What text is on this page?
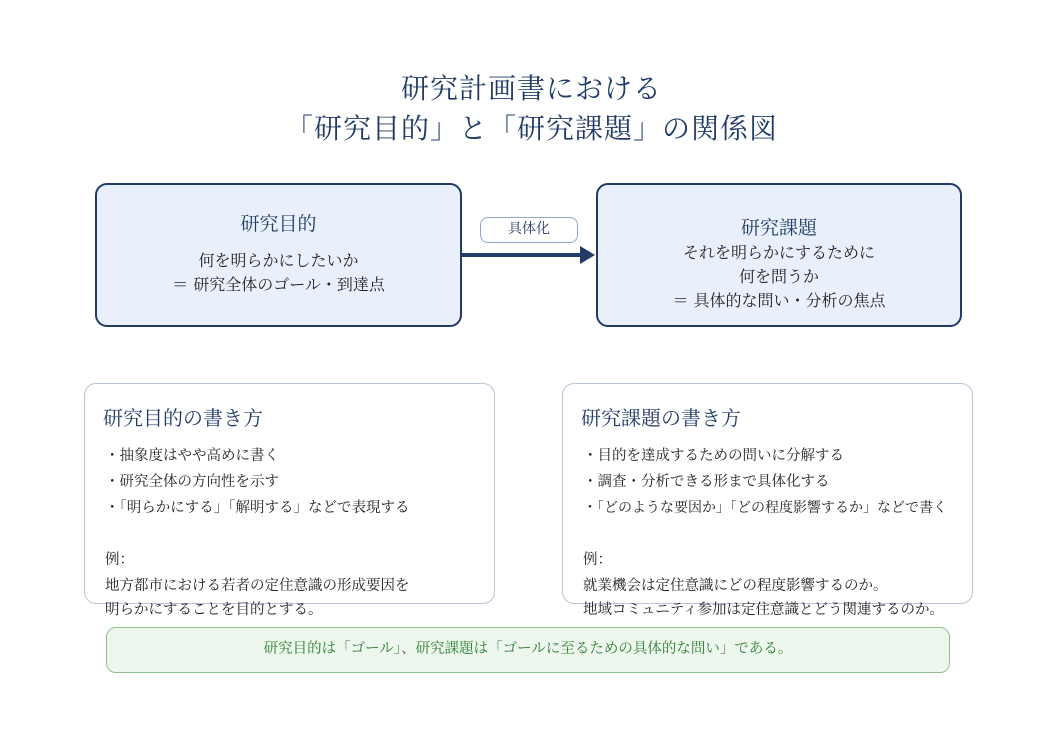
研究計画書における
「研究目的」と「研究課題」の関係図
研究目的
何を明らかにしたいか
＝ 研究全体のゴール・到達点
具体化	研究課題
それを明らかにするために
何を問うか
＝ 具体的な問い・分析の焦点
研究目的の書き方
・抽象度はやや高めに書く
・研究全体の方向性を示す
・「明らかにする」「解明する」などで表現する
例：
地方都市における若者の定住意識の形成要因を
明らかにすることを目的とする。
研究課題の書き方
・目的を達成するための問いに分解する
・調査・分析できる形まで具体化する
・「どのような要因か」「どの程度影響するか」などで書く
例：
就業機会は定住意識にどの程度影響するのか。
地域コミュニティ参加は定住意識とどう関連するのか。
研究目的は「ゴール」、研究課題は「ゴールに至るための具体的な問い」である。
